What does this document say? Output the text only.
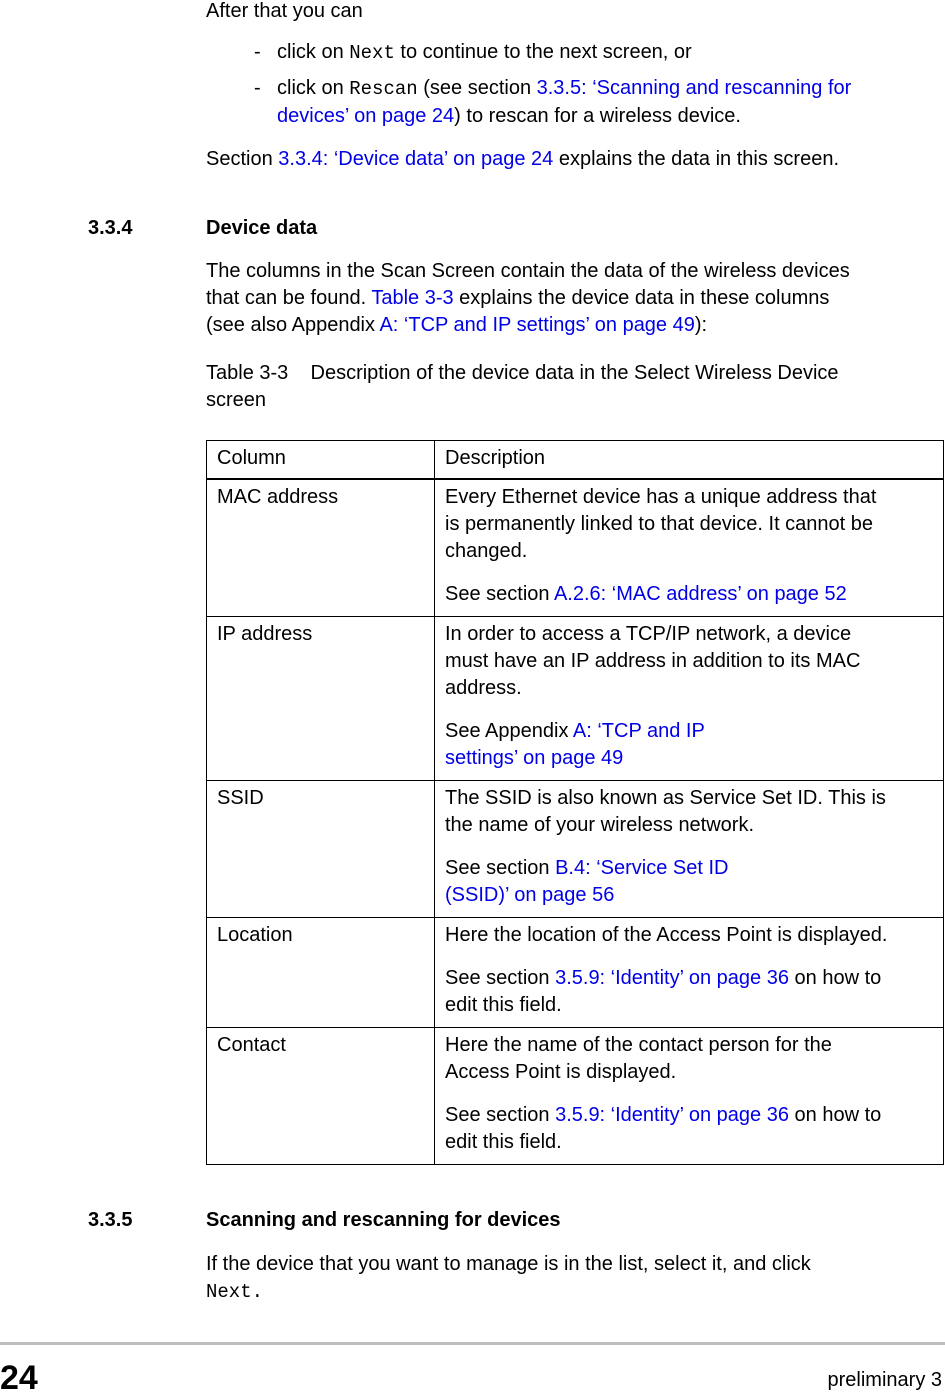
After that you can

- click on Next to continue to the next screen, or

- click on Rescan (see section 3.3.5: ‘Scanning and rescanning for

devices’ on page 24) to rescan for a wireless device.

Section 3.3.4: ‘Device data’ on page 24 explains the data in this screen.

3.3.4	Device data

The columns in the Scan Screen contain the data of the wireless devices

that can be found. Table 3-3 explains the device data in these columns

(see also Appendix A: ‘TCP and IP settings’ on page 49):

Table 3-3    Description of the device data in the Select Wireless Device

screen

Column	Description
MAC address	Every Ethernet device has a unique address that

is permanently linked to that device. It cannot be

changed.

See section A.2.6: ‘MAC address’ on page 52

IP address	In order to access a TCP/IP network, a device

must have an IP address in addition to its MAC

address.

See Appendix A: ‘TCP and IP

settings’ on page 49

SSID	The SSID is also known as Service Set ID. This is

the name of your wireless network.

See section B.4: ‘Service Set ID

(SSID)’ on page 56

Location	Here the location of the Access Point is displayed.

See section 3.5.9: ‘Identity’ on page 36 on how to

edit this field.

Contact	Here the name of the contact person for the

Access Point is displayed.

See section 3.5.9: ‘Identity’ on page 36 on how to

edit this field.

3.3.5	Scanning and rescanning for devices

If the device that you want to manage is in the list, select it, and click

Next.

24	preliminary 3
